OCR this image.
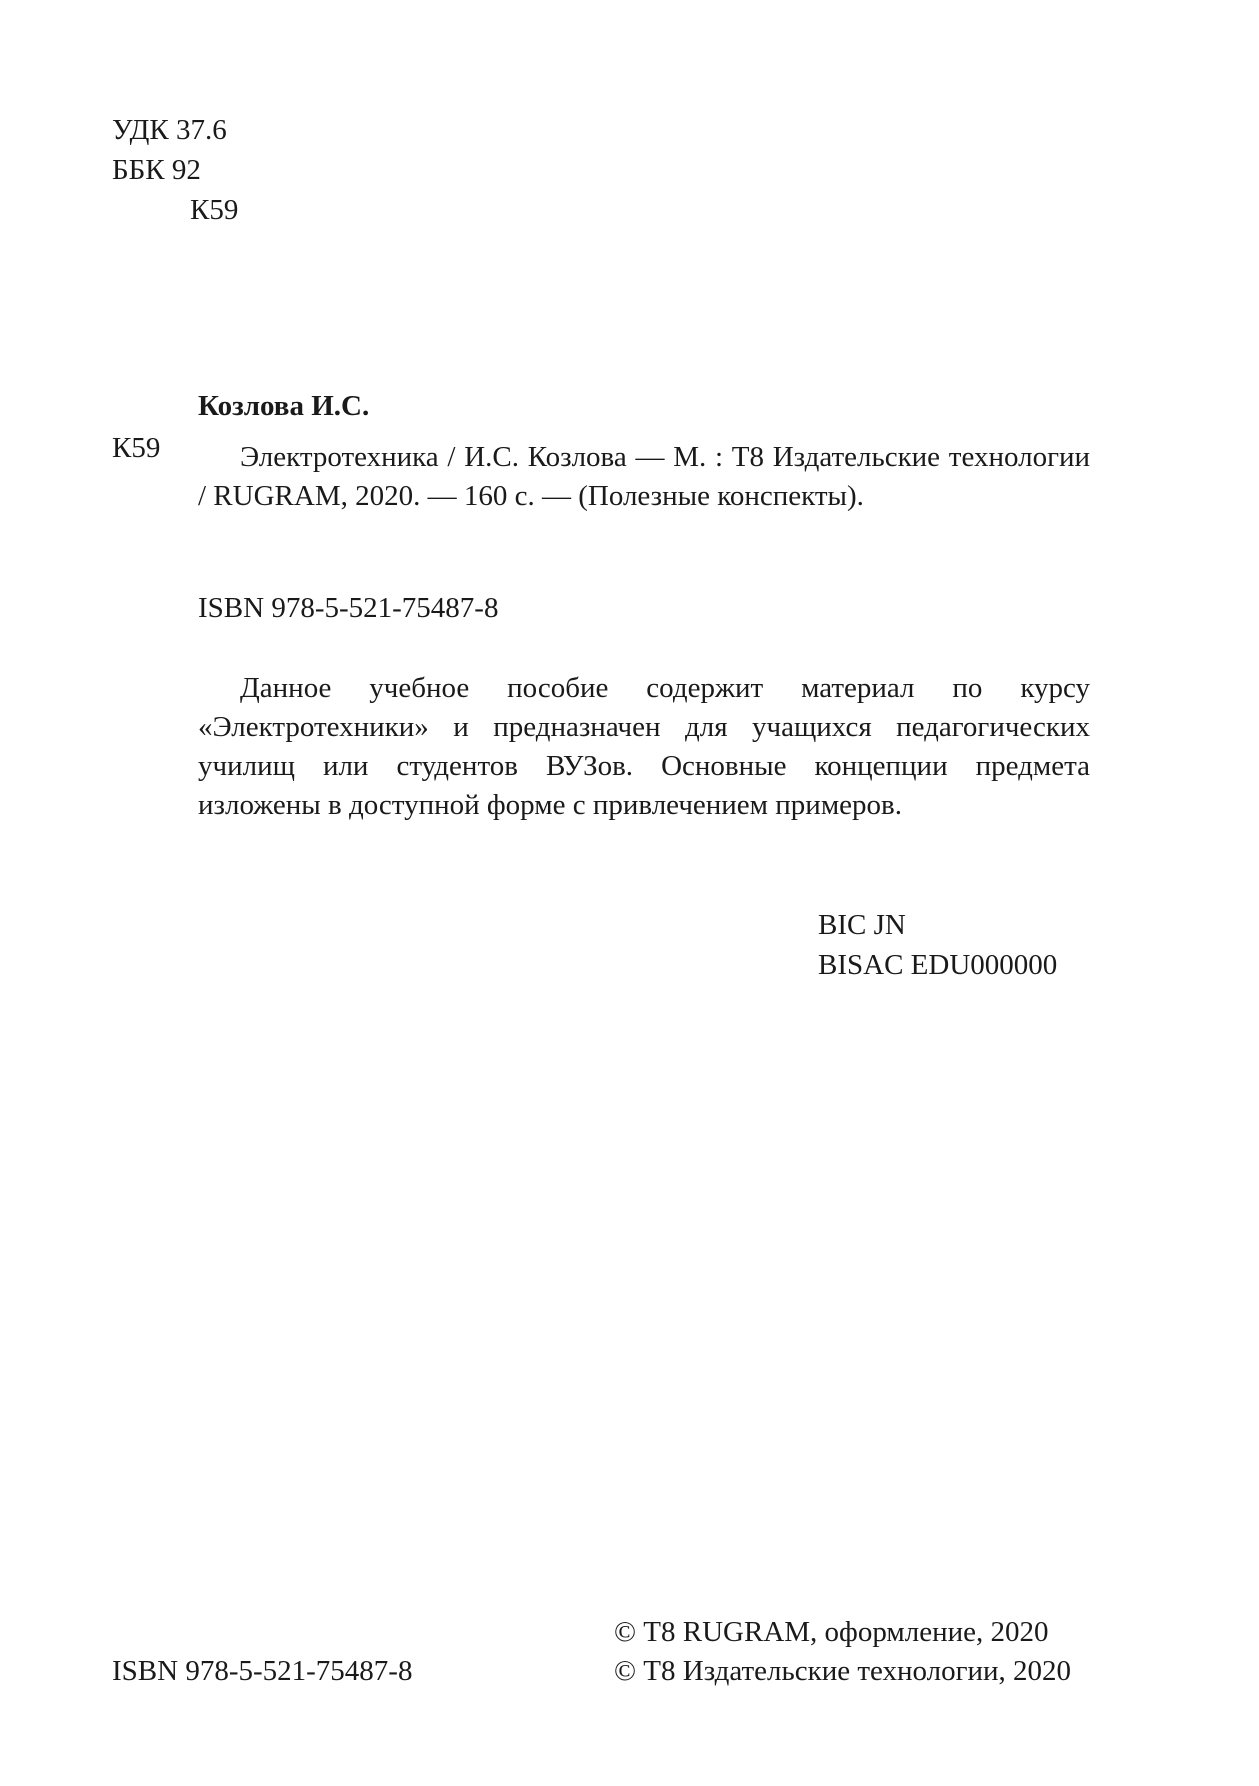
УДК 37.6
ББК 92
К59
Козлова И.С.
К59	Электротехника / И.С. Козлова — М. : Т8 Издательские технологии / RUGRAM, 2020. — 160 с. — (Полезные конспекты).
ISBN 978-5-521-75487-8
Данное учебное пособие содержит материал по курсу «Электротехники» и предназначен для учащихся педагогических училищ или студентов ВУЗов. Основные концепции предмета изложены в доступной форме с привлечением примеров.
BIC JN
BISAC EDU000000
© Т8 RUGRAM, оформление, 2020
ISBN 978-5-521-75487-8	© Т8 Издательские технологии, 2020
